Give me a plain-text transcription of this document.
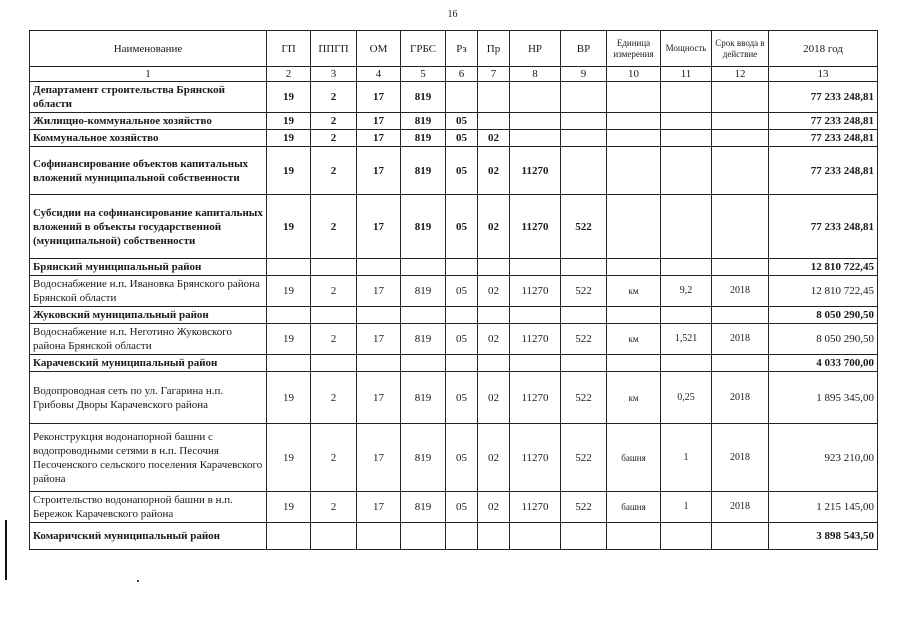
16
Наименование	ГП	ППГП	ОМ	ГРБС	Рз	Пр	НР	ВР	Единица измерения	Мощность	Срок ввода в действие	2018 год
1	2	3	4	5	6	7	8	9	10	11	12	13
Департамент строительства Брянской области	19	2	17	819								77 233 248,81
Жилищно-коммунальное хозяйство	19	2	17	819	05							77 233 248,81
Коммунальное хозяйство	19	2	17	819	05	02						77 233 248,81
Софинансирование объектов капитальных вложений муниципальной собственности	19	2	17	819	05	02	11270					77 233 248,81
Субсидии на софинансирование капитальных вложений в объекты государственной (муниципальной) собственности	19	2	17	819	05	02	11270	522				77 233 248,81
Брянский муниципальный район												12 810 722,45
Водоснабжение н.п. Ивановка Брянского района Брянской области	19	2	17	819	05	02	11270	522	км	9,2	2018	12 810 722,45
Жуковский муниципальный район												8 050 290,50
Водоснабжение н.п. Неготино Жуковского района Брянской области	19	2	17	819	05	02	11270	522	км	1,521	2018	8 050 290,50
Карачевский муниципальный район												4 033 700,00
Водопроводная сеть по ул. Гагарина н.п. Грибовы Дворы Карачевского района	19	2	17	819	05	02	11270	522	км	0,25	2018	1 895 345,00
Реконструкция водонапорной башни с водопроводными сетями в н.п. Песочня Песоченского сельского поселения Карачевского района	19	2	17	819	05	02	11270	522	башня	1	2018	923 210,00
Строительство водонапорной башни в н.п. Бережок Карачевского района	19	2	17	819	05	02	11270	522	башня	1	2018	1 215 145,00
Комаричский муниципальный район												3 898 543,50
